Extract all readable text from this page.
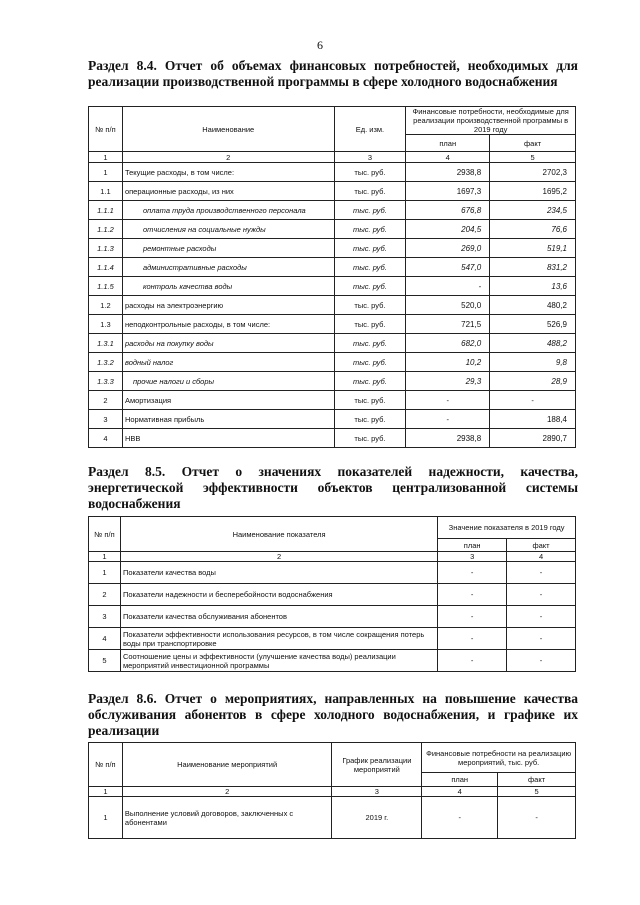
6
Раздел 8.4. Отчет об объемах финансовых потребностей, необходимых для реализации производственной программы в сфере холодного водоснабжения
№ п/п	Наименование	Ед. изм.	Финансовые потребности, необходимые для реализации производственной программы в 2019 году	
			план	факт
1	2	3	4	5
1	Текущие расходы, в том числе:	тыс. руб.	2938,8	2702,3
1.1	операционные расходы, из них	тыс. руб.	1697,3	1695,2
1.1.1	оплата труда производственного персонала	тыс. руб.	676,8	234,5
1.1.2	отчисления на социальные нужды	тыс. руб.	204,5	76,6
1.1.3	ремонтные расходы	тыс. руб.	269,0	519,1
1.1.4	административные расходы	тыс. руб.	547,0	831,2
1.1.5	контроль качества воды	тыс. руб.	-	13,6
1.2	расходы на электроэнергию	тыс. руб.	520,0	480,2
1.3	неподконтрольные расходы, в том числе:	тыс. руб.	721,5	526,9
1.3.1	расходы на покупку воды	тыс. руб.	682,0	488,2
1.3.2	водный налог	тыс. руб.	10,2	9,8
1.3.3	прочие налоги и сборы	тыс. руб.	29,3	28,9
2	Амортизация	тыс. руб.	-	-
3	Нормативная прибыль	тыс. руб.	-	188,4
4	НВВ	тыс. руб.	2938,8	2890,7
Раздел 8.5. Отчет о значениях показателей надежности, качества, энергетической эффективности объектов централизованной системы водоснабжения
№ п/п	Наименование показателя	Значение показателя в 2019 году	
		план	факт
1	2	3	4
1	Показатели качества воды	-	-
2	Показатели надежности и бесперебойности водоснабжения	-	-
3	Показатели качества обслуживания абонентов	-	-
4	Показатели эффективности использования ресурсов, в том числе сокращения потерь воды при транспортировке	-	-
5	Соотношение цены и эффективности (улучшение качества воды) реализации мероприятий инвестиционной программы	-	-
Раздел 8.6. Отчет о мероприятиях, направленных на повышение качества обслуживания абонентов в сфере холодного водоснабжения, и графике их реализации
№ п/п	Наименование мероприятий	График реализации мероприятий	Финансовые потребности на реализацию мероприятий, тыс. руб.	
			план	факт
1	2	3	4	5
1	Выполнение условий договоров, заключенных с абонентами	2019 г.	-	-
